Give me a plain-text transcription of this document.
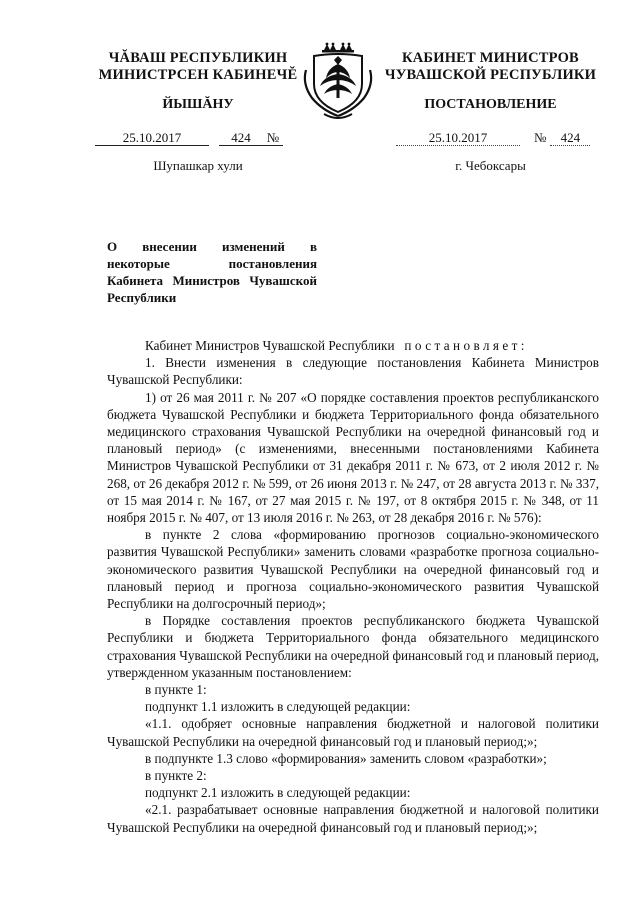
ЧĂВАШ РЕСПУБЛИКИН
МИНИСТРСЕН КАБИНЕЧĔ
ЙЫШĂНУ
КАБИНЕТ МИНИСТРОВ
ЧУВАШСКОЙ РЕСПУБЛИКИ
ПОСТАНОВЛЕНИЕ
25.10.2017	424 №	25.10.2017	№ 424
Шупашкар хули	г. Чебоксары
О внесении изменений в некоторые постановления Кабинета Министров Чувашской Республики

Кабинет Министров Чувашской Республики постановляет:

1. Внести изменения в следующие постановления Кабинета Министров Чувашской Республики:

1) от 26 мая 2011 г. № 207 «О порядке составления проектов республиканского бюджета Чувашской Республики и бюджета Территориального фонда обязательного медицинского страхования Чувашской Республики на очередной финансовый год и плановый период» (с изменениями, внесенными постановлениями Кабинета Министров Чувашской Республики от 31 декабря 2011 г. № 673, от 2 июля 2012 г. № 268, от 26 декабря 2012 г. № 599, от 26 июня 2013 г. № 247, от 28 августа 2013 г. № 337, от 15 мая 2014 г. № 167, от 27 мая 2015 г. № 197, от 8 октября 2015 г. № 348, от 11 ноября 2015 г. № 407, от 13 июля 2016 г. № 263, от 28 декабря 2016 г. № 576):

в пункте 2 слова «формированию прогнозов социально-экономического развития Чувашской Республики» заменить словами «разработке прогноза социально-экономического развития Чувашской Республики на очередной финансовый год и плановый период и прогноза социально-экономического развития Чувашской Республики на долгосрочный период»;

в Порядке составления проектов республиканского бюджета Чувашской Республики и бюджета Территориального фонда обязательного медицинского страхования Чувашской Республики на очередной финансовый год и плановый период, утвержденном указанным постановлением:

в пункте 1:

подпункт 1.1 изложить в следующей редакции:

«1.1. одобряет основные направления бюджетной и налоговой политики Чувашской Республики на очередной финансовый год и плановый период;»;

в подпункте 1.3 слово «формирования» заменить словом «разработки»;

в пункте 2:

подпункт 2.1 изложить в следующей редакции:

«2.1. разрабатывает основные направления бюджетной и налоговой политики Чувашской Республики на очередной финансовый год и плановый период;»;
